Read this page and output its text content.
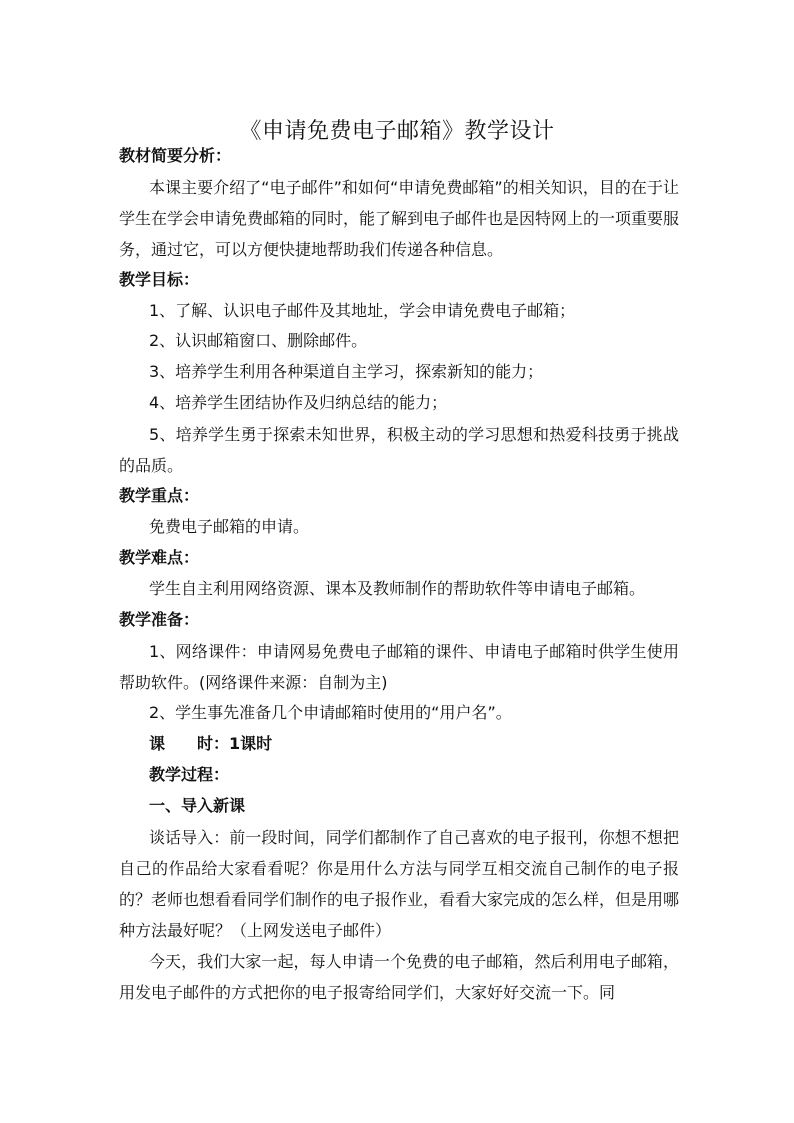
《申请免费电子邮箱》教学设计

教材简要分析：

本课主要介绍了“电子邮件”和如何“申请免费邮箱”的相关知识，目的在于让学生在学会申请免费邮箱的同时，能了解到电子邮件也是因特网上的一项重要服务，通过它，可以方便快捷地帮助我们传递各种信息。

教学目标：

1、了解、认识电子邮件及其地址，学会申请免费电子邮箱；

2、认识邮箱窗口、删除邮件。

3、培养学生利用各种渠道自主学习，探索新知的能力；

4、培养学生团结协作及归纳总结的能力；

5、培养学生勇于探索未知世界，积极主动的学习思想和热爱科技勇于挑战的品质。

教学重点：

免费电子邮箱的申请。

教学难点：

学生自主利用网络资源、课本及教师制作的帮助软件等申请电子邮箱。

教学准备：

1、网络课件：申请网易免费电子邮箱的课件、申请电子邮箱时供学生使用帮助软件。(网络课件来源：自制为主)

2、学生事先准备几个申请邮箱时使用的“用户名”。

课　　时：1课时

教学过程：

一、导入新课

谈话导入：前一段时间，同学们都制作了自己喜欢的电子报刊，你想不想把自己的作品给大家看看呢？你是用什么方法与同学互相交流自己制作的电子报的？老师也想看看同学们制作的电子报作业，看看大家完成的怎么样，但是用哪种方法最好呢？（上网发送电子邮件）

今天，我们大家一起，每人申请一个免费的电子邮箱，然后利用电子邮箱，用发电子邮件的方式把你的电子报寄给同学们，大家好好交流一下。同
